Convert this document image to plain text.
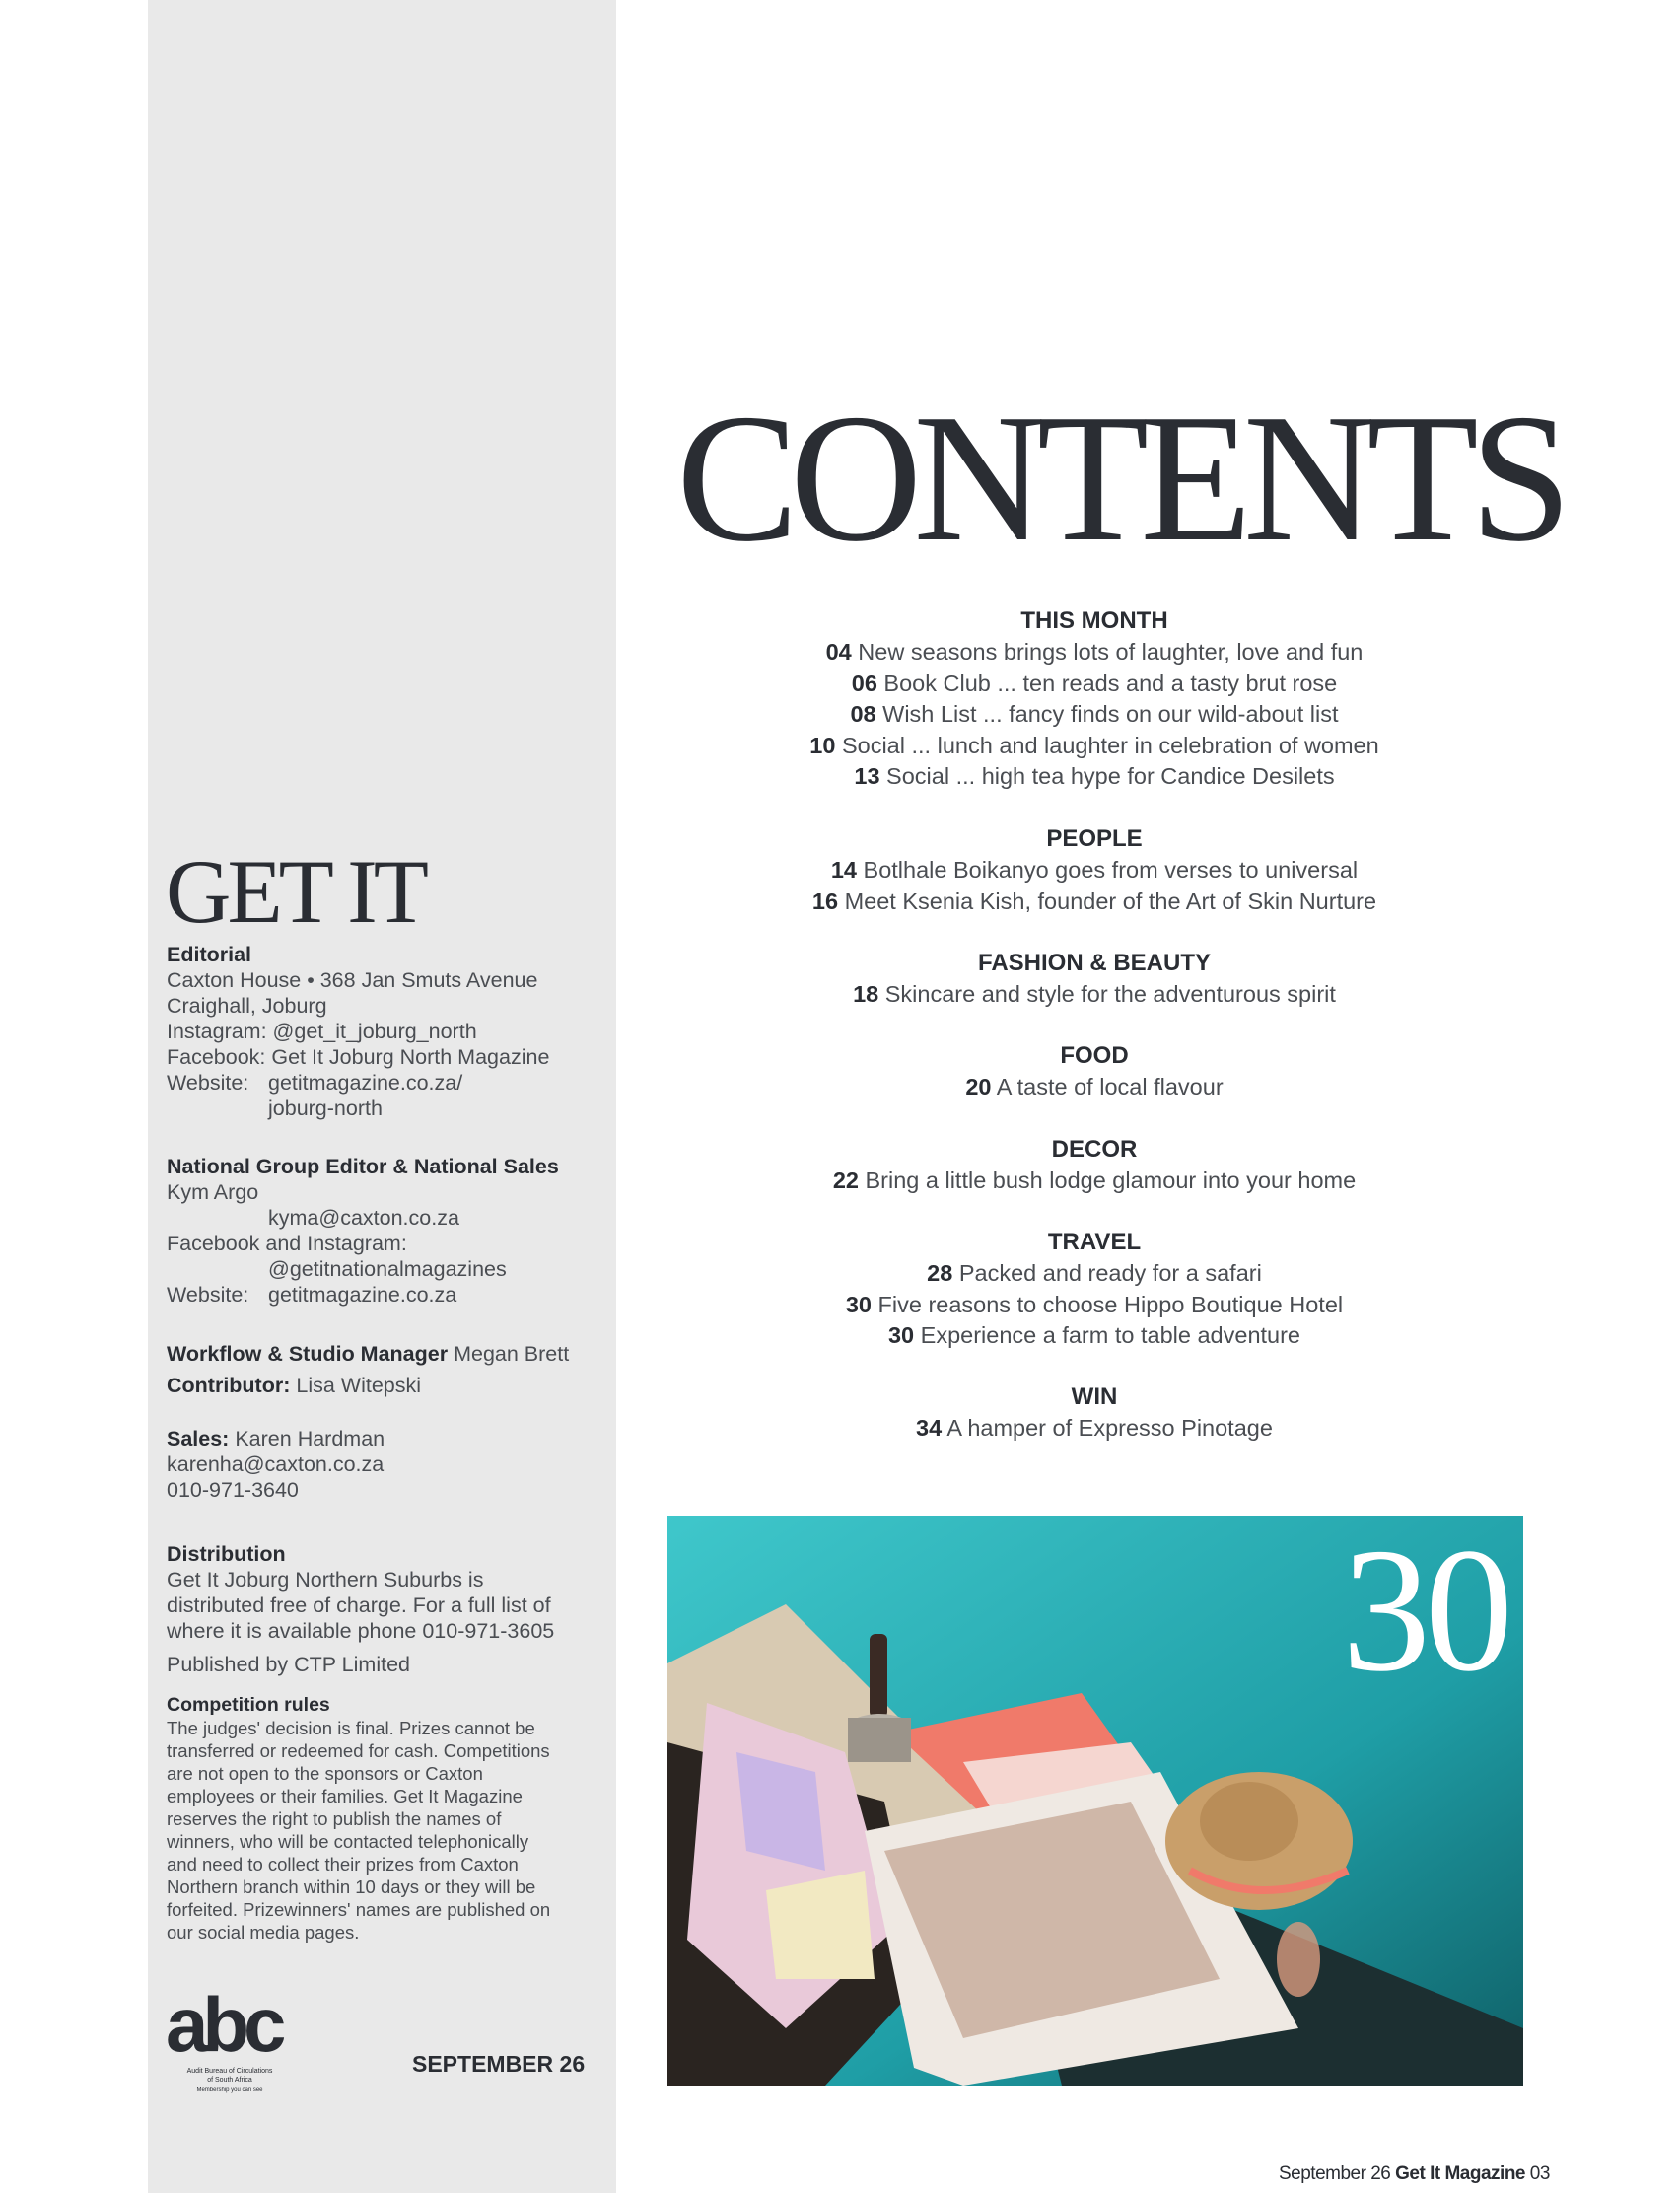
GET IT
Editorial
Caxton House • 368 Jan Smuts Avenue
Craighall, Joburg
Instagram: @get_it_joburg_north
Facebook: Get It Joburg North Magazine
Website: getitmagazine.co.za/
joburg-north
National Group Editor & National Sales
Kym Argo
kyma@caxton.co.za
Facebook and Instagram:
@getitnationalmagazines
Website: getitmagazine.co.za
Workflow & Studio Manager Megan Brett
Contributor: Lisa Witepski
Sales: Karen Hardman
karenha@caxton.co.za
010-971-3640
Distribution
Get It Joburg Northern Suburbs is
distributed free of charge. For a full list of
where it is available phone 010-971-3605
Published by CTP Limited
Competition rules
The judges' decision is final. Prizes cannot be
transferred or redeemed for cash. Competitions
are not open to the sponsors or Caxton
employees or their families. Get It Magazine
reserves the right to publish the names of
winners, who will be contacted telephonically
and need to collect their prizes from Caxton
Northern branch within 10 days or they will be
forfeited. Prizewinners' names are published on
our social media pages.
abc
Audit Bureau of Circulations
of South Africa
Membership you can see
SEPTEMBER 26
CONTENTS
THIS MONTH
04 New seasons brings lots of laughter, love and fun
06 Book Club ... ten reads and a tasty brut rose
08 Wish List ... fancy finds on our wild-about list
10 Social ... lunch and laughter in celebration of women
13 Social ... high tea hype for Candice Desilets
PEOPLE
14 Botlhale Boikanyo goes from verses to universal
16 Meet Ksenia Kish, founder of the Art of Skin Nurture
FASHION & BEAUTY
18 Skincare and style for the adventurous spirit
FOOD
20 A taste of local flavour
DECOR
22 Bring a little bush lodge glamour into your home
TRAVEL
28 Packed and ready for a safari
30 Five reasons to choose Hippo Boutique Hotel
30 Experience a farm to table adventure
WIN
34 A hamper of Expresso Pinotage
30
September 26 Get It Magazine 03
